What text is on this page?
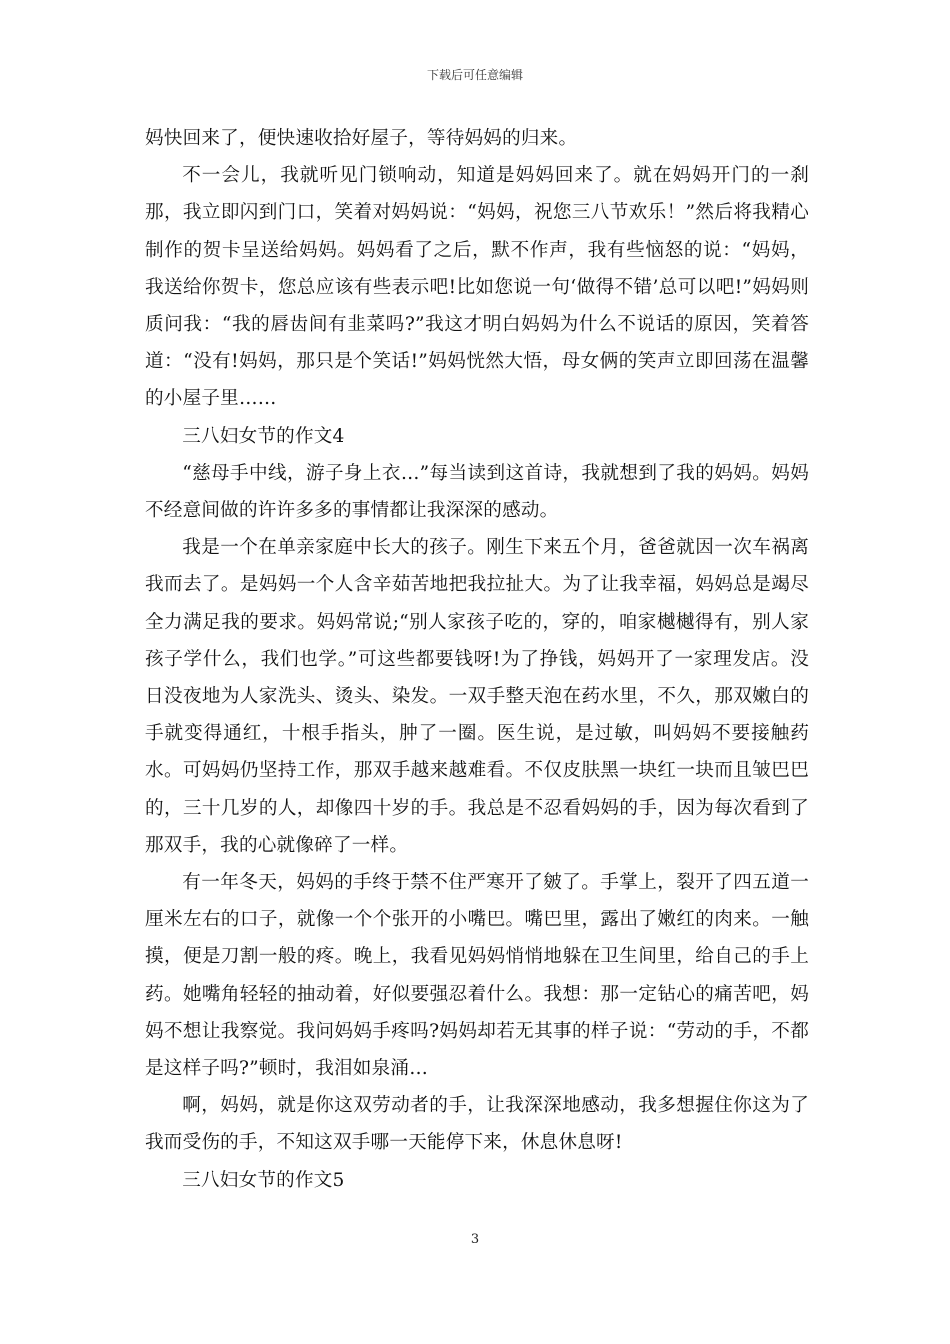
下载后可任意编辑

妈快回来了，便快速收拾好屋子，等待妈妈的归来。

不一会儿，我就听见门锁响动，知道是妈妈回来了。就在妈妈开门的一刹那，我立即闪到门口，笑着对妈妈说：“妈妈，祝您三八节欢乐！”然后将我精心制作的贺卡呈送给妈妈。妈妈看了之后，默不作声，我有些恼怒的说：“妈妈，我送给你贺卡，您总应该有些表示吧!比如您说一句‘做得不错’总可以吧!”妈妈则质问我：“我的唇齿间有韭菜吗?”我这才明白妈妈为什么不说话的原因，笑着答道：“没有!妈妈，那只是个笑话!”妈妈恍然大悟，母女俩的笑声立即回荡在温馨的小屋子里……

三八妇女节的作文4

“慈母手中线，游子身上衣…”每当读到这首诗，我就想到了我的妈妈。妈妈不经意间做的许许多多的事情都让我深深的感动。

我是一个在单亲家庭中长大的孩子。刚生下来五个月，爸爸就因一次车祸离我而去了。是妈妈一个人含辛茹苦地把我拉扯大。为了让我幸福，妈妈总是竭尽全力满足我的要求。妈妈常说;“别人家孩子吃的，穿的，咱家樾樾得有，别人家孩子学什么，我们也学。”可这些都要钱呀!为了挣钱，妈妈开了一家理发店。没日没夜地为人家洗头、烫头、染发。一双手整天泡在药水里，不久，那双嫩白的手就变得通红，十根手指头，肿了一圈。医生说，是过敏，叫妈妈不要接触药水。可妈妈仍坚持工作，那双手越来越难看。不仅皮肤黑一块红一块而且皱巴巴的，三十几岁的人，却像四十岁的手。我总是不忍看妈妈的手，因为每次看到了那双手，我的心就像碎了一样。

有一年冬天，妈妈的手终于禁不住严寒开了皴了。手掌上，裂开了四五道一厘米左右的口子，就像一个个张开的小嘴巴。嘴巴里，露出了嫩红的肉来。一触摸，便是刀割一般的疼。晚上，我看见妈妈悄悄地躲在卫生间里，给自己的手上药。她嘴角轻轻的抽动着，好似要强忍着什么。我想：那一定钻心的痛苦吧，妈妈不想让我察觉。我问妈妈手疼吗?妈妈却若无其事的样子说：“劳动的手，不都是这样子吗?”顿时，我泪如泉涌…

啊，妈妈，就是你这双劳动者的手，让我深深地感动，我多想握住你这为了我而受伤的手，不知这双手哪一天能停下来，休息休息呀!

三八妇女节的作文5

3
